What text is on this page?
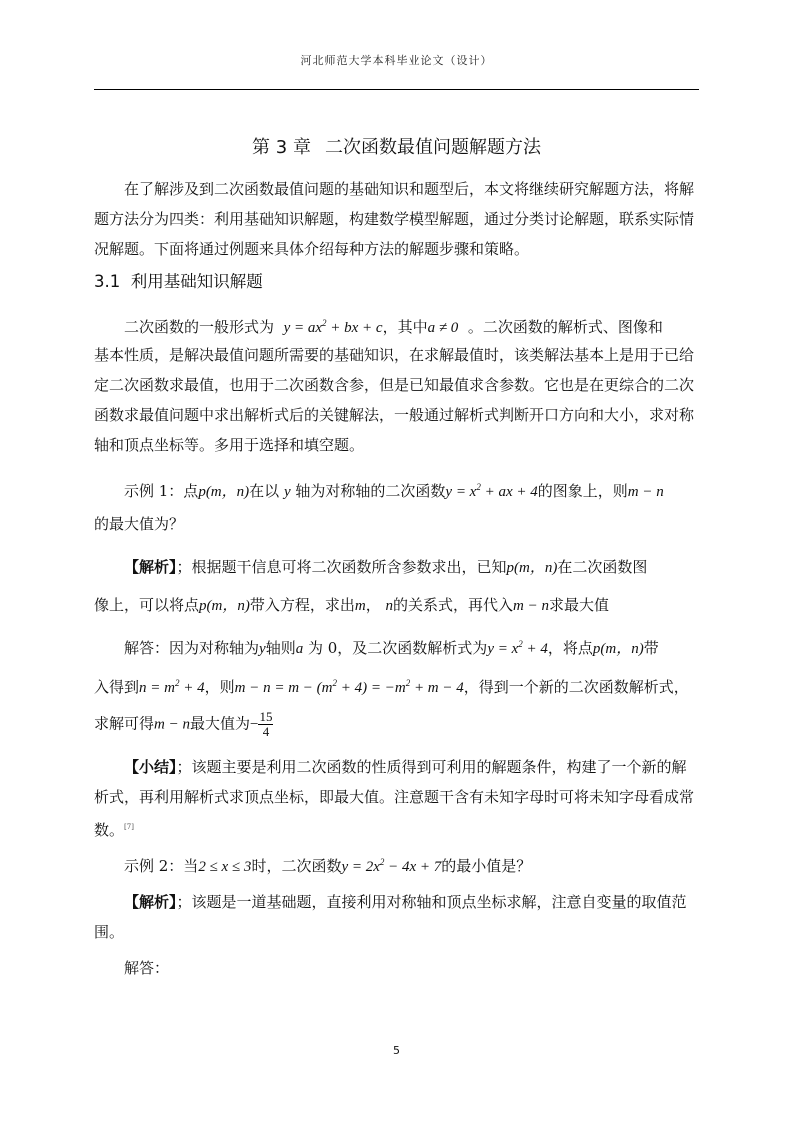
河北师范大学本科毕业论文（设计）
第 3 章 二次函数最值问题解题方法
在了解涉及到二次函数最值问题的基础知识和题型后，本文将继续研究解题方法，将解题方法分为四类：利用基础知识解题，构建数学模型解题，通过分类讨论解题，联系实际情况解题。下面将通过例题来具体介绍每种方法的解题步骤和策略。
3.1 利用基础知识解题
二次函数的一般形式为 $y = ax^2$ + bx + c，其中a ≠ 0 。二次函数的解析式、图像和
基本性质，是解决最值问题所需要的基础知识，在求解最值时，该类解法基本上是用于已给定二次函数求最值，也用于二次函数含参，但是已知最值求含参数。它也是在更综合的二次函数求最值问题中求出解析式后的关键解法，一般通过解析式判断开口方向和大小，求对称轴和顶点坐标等。多用于选择和填空题。
示例 1：点p(m，n)在以 y 轴为对称轴的二次函数$y = x^2$ + ax + 4的图象上，则m − n
的最大值为？
【解析】；根据题干信息可将二次函数所含参数求出，已知p(m，n)在二次函数图
像上，可以将点p(m，n)带入方程，求出m， n的关系式，再代入m − n求最大值
解答：因为对称轴为y轴则a 为 0，及二次函数解析式为$y = x^2 + 4$，将点p(m，n)带
入得到$n = m^2 + 4$，则$m - n = m - (m^2 + 4) = -m^2 + m - 4$，得到一个新的二次函数解析式，
求解可得m − n最大值为− $\frac{15}{4}$
【小结】；该题主要是利用二次函数的性质得到可利用的解题条件，构建了一个新的解析式，再利用解析式求顶点坐标，即最大值。注意题干含有未知字母时可将未知字母看成常数。[7]
示例 2：当2 ≤ x ≤ 3时，二次函数$y = 2x^2 - 4x + 7$的最小值是？
【解析】；该题是一道基础题，直接利用对称轴和顶点坐标求解，注意自变量的取值范围。
解答：
5
